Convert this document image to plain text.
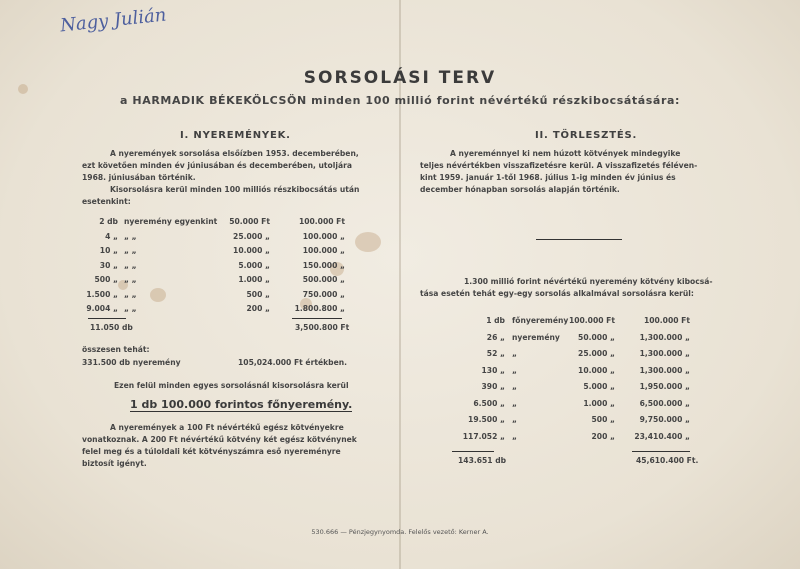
Nagy Julián
SORSOLÁSI TERV
a HARMADIK BÉKEKÖLCSÖN minden 100 millió forint névértékű részkibocsátására:
I. NYEREMÉNYEK.
A nyeremények sorsolása elsőízben 1953. decemberében,
ezt követően minden év júniusában és decemberében, utoljára
1968. júniusában történik.
Kisorsolásra kerül minden 100 milliós részkibocsátás után
esetenkint:
2 db nyeremény egyenkint	50.000 Ft	100.000 Ft
4 „ „ „	25.000 „	100.000 „
10 „ „ „	10.000 „	100.000 „
30 „ „ „	5.000 „	150.000 „
500 „ „ „	1.000 „	500.000 „
1.500 „ „ „	500 „	750.000 „
9.004 „ „ „	200 „	1.800.800 „
11.050 db	3,500.800 Ft
összesen tehát:
331.500 db nyeremény	105,024.000 Ft értékben.
Ezen felül minden egyes sorsolásnál kisorsolásra kerül
1 db 100.000 forintos főnyeremény.
A nyeremények a 100 Ft névértékű egész kötvényekre
vonatkoznak. A 200 Ft névértékű kötvény két egész kötvénynek
felel meg és a túloldali két kötvényszámra eső nyereményre
biztosít igényt.
II. TÖRLESZTÉS.
A nyereménnyel ki nem húzott kötvények mindegyike
teljes névértékben visszafizetésre kerül. A visszafizetés féléven-
kint 1959. január 1-től 1968. július 1-ig minden év június és
december hónapban sorsolás alapján történik.
1.300 millió forint névértékű nyeremény kötvény kibocsá-
tása esetén tehát egy-egy sorsolás alkalmával sorsolásra kerül:
1 db főnyeremény 100.000 Ft	100.000 Ft
26 „ nyeremény	50.000 „	1,300.000 „
52 „ „	25.000 „	1,300.000 „
130 „ „	10.000 „	1,300.000 „
390 „ „	5.000 „	1,950.000 „
6.500 „ „	1.000 „	6,500.000 „
19.500 „ „	500 „	9,750.000 „
117.052 „ „	200 „	23,410.400 „
143.651 db	45,610.400 Ft.
530.666 — Pénzjegynyomda. Felelős vezető: Kerner A.
